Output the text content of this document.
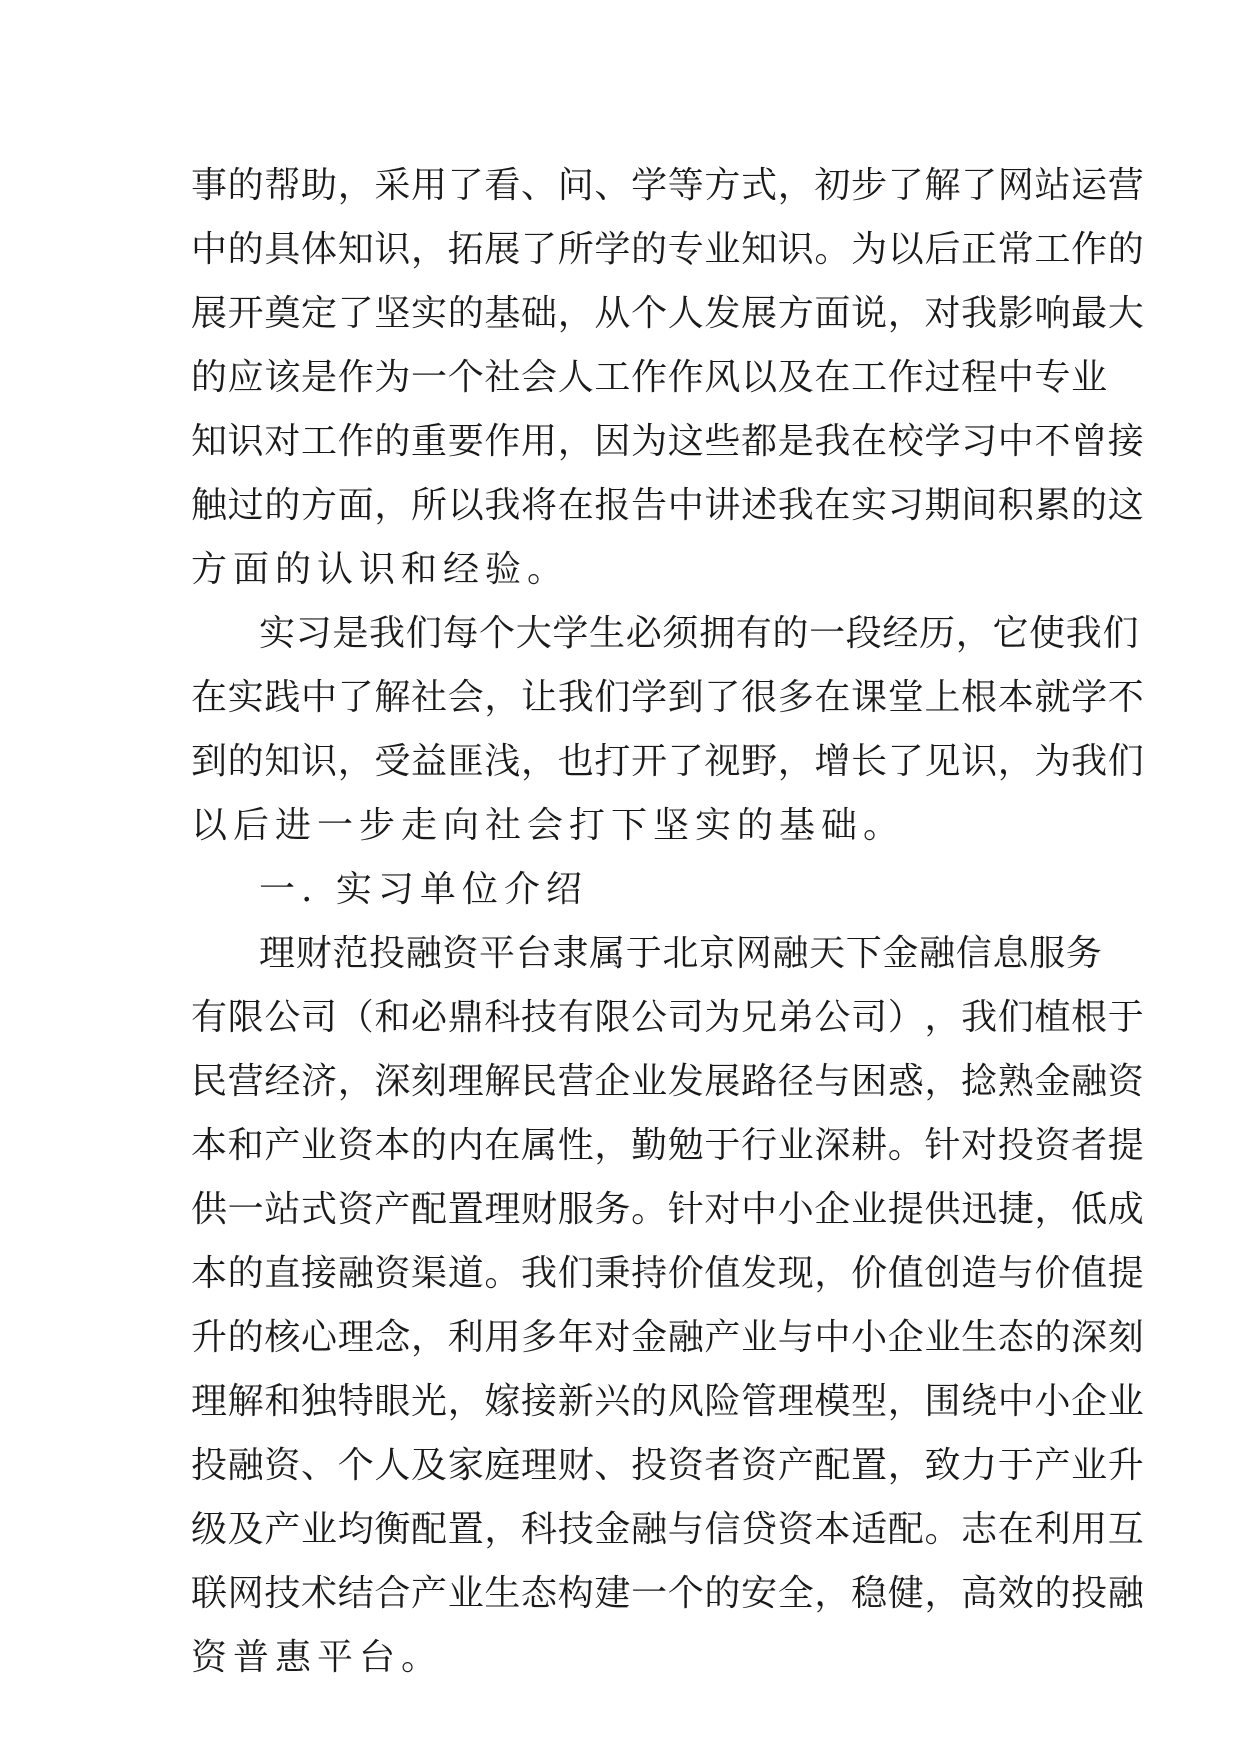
事 的 帮 助 ， 采 用 了 看 、 问 、 学 等 方 式 ， 初 步 了 解 了 网 站 运 营
中 的 具 体 知 识 ， 拓 展 了 所 学 的 专 业 知 识 。 为 以 后 正 常 工 作 的
展 开 奠 定 了 坚 实 的 基 础 ， 从 个 人 发 展 方 面 说 ， 对 我 影 响 最 大
的 应 该 是 作 为 一 个 社 会 人 工 作 作 风 以 及 在 工 作 过 程 中 专 业
知 识 对 工 作 的 重 要 作 用 ， 因 为 这 些 都 是 我 在 校 学 习 中 不 曾 接
触 过 的 方 面 ， 所 以 我 将 在 报 告 中 讲 述 我 在 实 习 期 间 积 累 的 这
方面的认识和经验。
实 习 是 我 们 每 个 大 学 生 必 须 拥 有 的 一 段 经 历 ， 它 使 我 们
在 实 践 中 了 解 社 会 ， 让 我 们 学 到 了 很 多 在 课 堂 上 根 本 就 学 不
到 的 知 识 ， 受 益 匪 浅 ， 也 打 开 了 视 野 ， 增 长 了 见 识 ， 为 我 们
以后进一步走向社会打下坚实的基础。
一. 实习单位介绍
理 财 范 投 融 资 平 台 隶 属 于 北 京 网 融 天 下 金 融 信 息 服 务
有 限 公 司 （ 和 必 鼎 科 技 有 限 公 司 为 兄 弟 公 司 ） ， 我 们 植 根 于
民 营 经 济 ， 深 刻 理 解 民 营 企 业 发 展 路 径 与 困 惑 ， 捻 熟 金 融 资
本 和 产 业 资 本 的 内 在 属 性 ， 勤 勉 于 行 业 深 耕 。 针 对 投 资 者 提
供 一 站 式 资 产 配 置 理 财 服 务 。 针 对 中 小 企 业 提 供 迅 捷 ， 低 成
本 的 直 接 融 资 渠 道 。 我 们 秉 持 价 值 发 现 ， 价 值 创 造 与 价 值 提
升 的 核 心 理 念 ， 利 用 多 年 对 金 融 产 业 与 中 小 企 业 生 态 的 深 刻
理 解 和 独 特 眼 光 ， 嫁 接 新 兴 的 风 险 管 理 模 型 ， 围 绕 中 小 企 业
投 融 资 、 个 人 及 家 庭 理 财 、 投 资 者 资 产 配 置 ， 致 力 于 产 业 升
级 及 产 业 均 衡 配 置 ， 科 技 金 融 与 信 贷 资 本 适 配 。 志 在 利 用 互
联 网 技 术 结 合 产 业 生 态 构 建 一 个 的 安 全 ， 稳 健 ， 高 效 的 投 融
资普惠平台。
